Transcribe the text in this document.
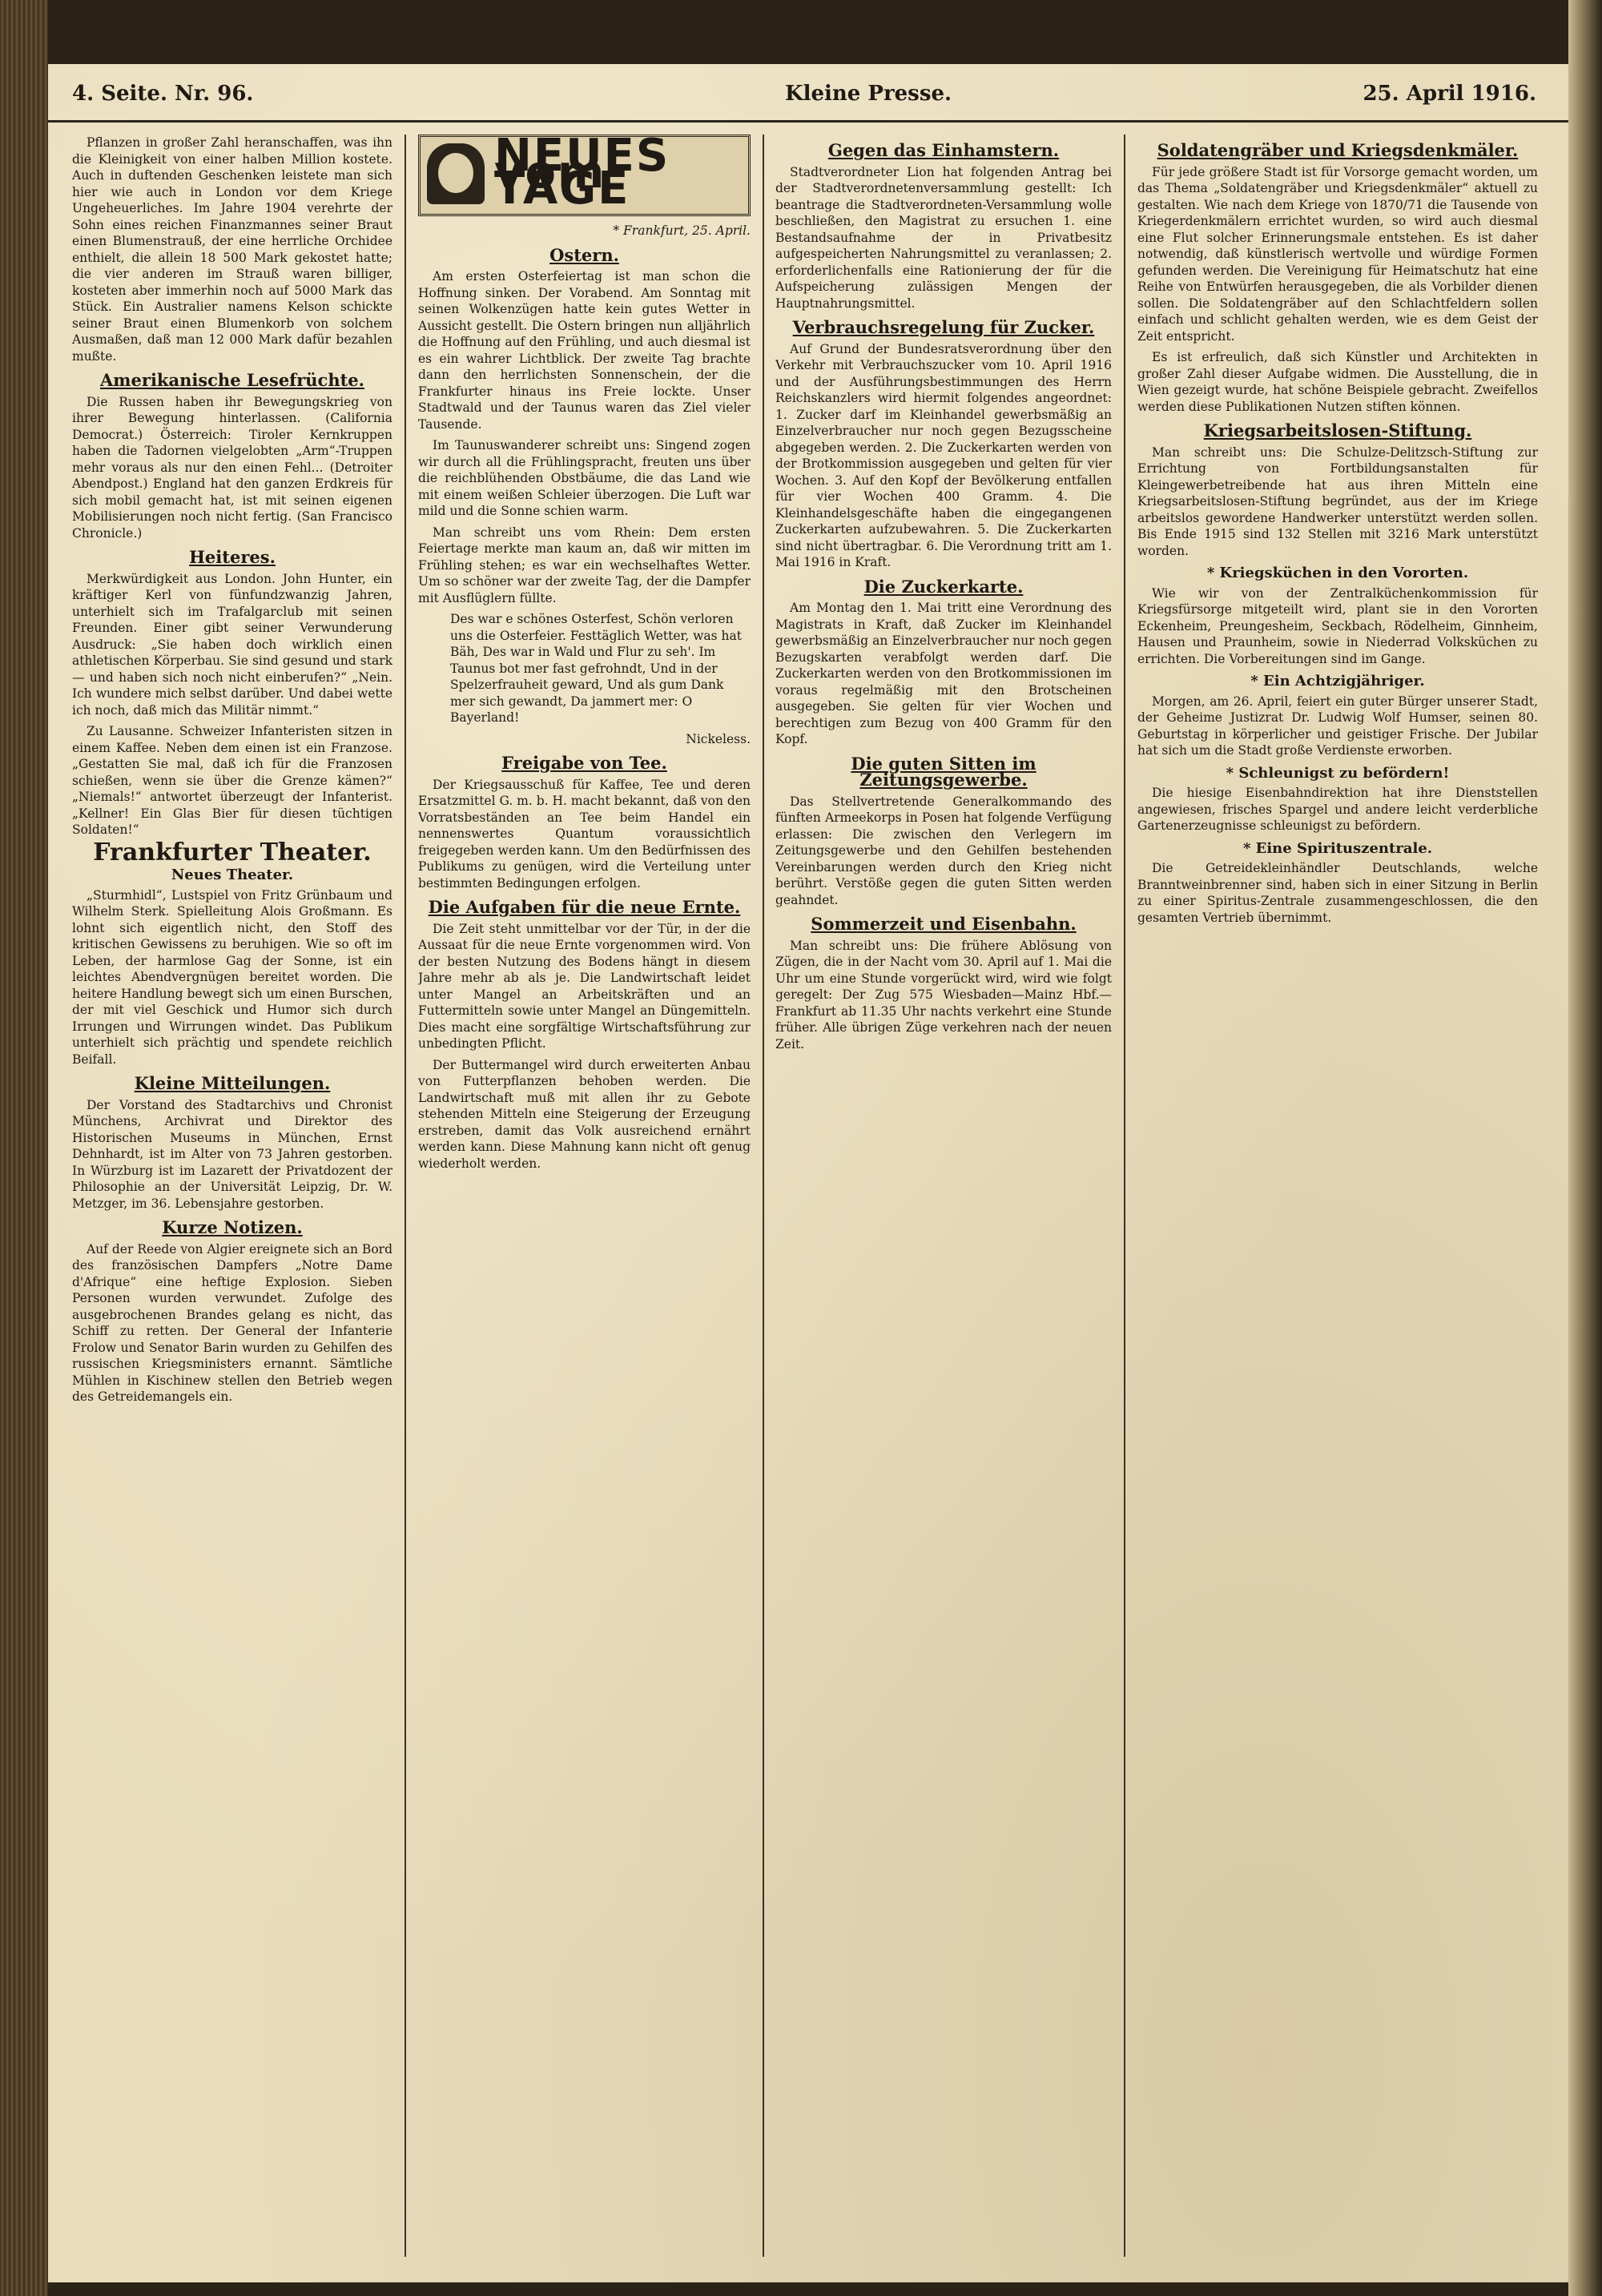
4. Seite. Nr. 96.	Kleine Presse.	25. April 1916.

Pflanzen in großer Zahl heranschaffen, was ihn die Kleinigkeit von einer halben Million kostete. Auch in duftenden Geschenken leistete man sich hier wie auch in London vor dem Kriege Ungeheuerliches. Im Jahre 1904 verehrte der Sohn eines reichen Finanzmannes seiner Braut einen Blumenstrauß, der eine herrliche Orchidee enthielt, die allein 18 500 Mark gekostet hatte; die vier anderen im Strauß waren billiger, kosteten aber immerhin noch auf 5000 Mark das Stück. Ein Australier namens Kelson schickte seiner Braut einen Blumenkorb von solchem Ausmaßen, daß man 12 000 Mark dafür bezahlen mußte.

Amerikanische Lesefrüchte.

Die Russen haben ihr Bewegungskrieg von ihrer Bewegung hinterlassen. (California Democrat.) Österreich: Tiroler Kernkruppen haben die Tadornen vielgelobten „Arm“-Truppen mehr voraus als nur den einen Fehl... (Detroiter Abendpost.) England hat den ganzen Erdkreis für sich mobil gemacht hat, ist mit seinen eigenen Mobilisierungen noch nicht fertig. (San Francisco Chronicle.)

Heiteres.

Merkwürdigkeit aus London. John Hunter, ein kräftiger Kerl von fünfundzwanzig Jahren, unterhielt sich im Trafalgarclub mit seinen Freunden. Einer gibt seiner Verwunderung Ausdruck: „Sie haben doch wirklich einen athletischen Körperbau. Sie sind gesund und stark — und haben sich noch nicht einberufen?“ „Nein. Ich wundere mich selbst darüber. Und dabei wette ich noch, daß mich das Militär nimmt.“

Zu Lausanne. Schweizer Infanteristen sitzen in einem Kaffee. Neben dem einen ist ein Franzose. „Gestatten Sie mal, daß ich für die Franzosen schießen, wenn sie über die Grenze kämen?“ „Niemals!“ antwortet überzeugt der Infanterist. „Kellner! Ein Glas Bier für diesen tüchtigen Soldaten!“

Frankfurter Theater.
Neues Theater.

„Sturmhidl“, Lustspiel von Fritz Grünbaum und Wilhelm Sterk. Spielleitung Alois Großmann. Es lohnt sich eigentlich nicht, den Stoff des kritischen Gewissens zu beruhigen. Wie so oft im Leben, der harmlose Gag der Sonne, ist ein leichtes Abendvergnügen bereitet worden. Die heitere Handlung bewegt sich um einen Burschen, der mit viel Geschick und Humor sich durch Irrungen und Wirrungen windet. Das Publikum unterhielt sich prächtig und spendete reichlich Beifall.

Kleine Mitteilungen.

Der Vorstand des Stadtarchivs und Chronist Münchens, Archivrat und Direktor des Historischen Museums in München, Ernst Dehnhardt, ist im Alter von 73 Jahren gestorben. In Würzburg ist im Lazarett der Privatdozent der Philosophie an der Universität Leipzig, Dr. W. Metzger, im 36. Lebensjahre gestorben.

Kurze Notizen.

Auf der Reede von Algier ereignete sich an Bord des französischen Dampfers „Notre Dame d'Afrique“ eine heftige Explosion. Sieben Personen wurden verwundet. Zufolge des ausgebrochenen Brandes gelang es nicht, das Schiff zu retten. Der General der Infanterie Frolow und Senator Barin wurden zu Gehilfen des russischen Kriegsministers ernannt. Sämtliche Mühlen in Kischinew stellen den Betrieb wegen des Getreidemangels ein.

NEUES vom TAGE
* Frankfurt, 25. April.
Ostern.

Am ersten Osterfeiertag ist man schon die Hoffnung sinken. Der Vorabend. Am Sonntag mit seinen Wolkenzügen hatte kein gutes Wetter in Aussicht gestellt. Die Ostern bringen nun alljährlich die Hoffnung auf den Frühling, und auch diesmal ist es ein wahrer Lichtblick. Der zweite Tag brachte dann den herrlichsten Sonnenschein, der die Frankfurter hinaus ins Freie lockte. Unser Stadtwald und der Taunus waren das Ziel vieler Tausende.

Im Taunuswanderer schreibt uns: Singend zogen wir durch all die Frühlingspracht, freuten uns über die reichblühenden Obstbäume, die das Land wie mit einem weißen Schleier überzogen. Die Luft war mild und die Sonne schien warm.

Man schreibt uns vom Rhein: Dem ersten Feiertage merkte man kaum an, daß wir mitten im Frühling stehen; es war ein wechselhaftes Wetter. Um so schöner war der zweite Tag, der die Dampfer mit Ausflüglern füllte.

Des war e schönes Osterfest, Schön verloren uns die Osterfeier. Festtäglich Wetter, was hat Bäh, Des war in Wald und Flur zu seh'. Im Taunus bot mer fast gefrohndt, Und in der Spelzerfrauheit geward, Und als gum Dank mer sich gewandt, Da jammert mer: O Bayerland!

Nickeless.

Freigabe von Tee.

Der Kriegsausschuß für Kaffee, Tee und deren Ersatzmittel G. m. b. H. macht bekannt, daß von den Vorratsbeständen an Tee beim Handel ein nennenswertes Quantum voraussichtlich freigegeben werden kann. Um den Bedürfnissen des Publikums zu genügen, wird die Verteilung unter bestimmten Bedingungen erfolgen.

Die Aufgaben für die neue Ernte.

Die Zeit steht unmittelbar vor der Tür, in der die Aussaat für die neue Ernte vorgenommen wird. Von der besten Nutzung des Bodens hängt in diesem Jahre mehr ab als je. Die Landwirtschaft leidet unter Mangel an Arbeitskräften und an Futtermitteln sowie unter Mangel an Düngemitteln. Dies macht eine sorgfältige Wirtschaftsführung zur unbedingten Pflicht.

Der Buttermangel wird durch erweiterten Anbau von Futterpflanzen behoben werden. Die Landwirtschaft muß mit allen ihr zu Gebote stehenden Mitteln eine Steigerung der Erzeugung erstreben, damit das Volk ausreichend ernährt werden kann. Diese Mahnung kann nicht oft genug wiederholt werden.

Gegen das Einhamstern.

Stadtverordneter Lion hat folgenden Antrag bei der Stadtverordnetenversammlung gestellt: Ich beantrage die Stadtverordneten-Versammlung wolle beschließen, den Magistrat zu ersuchen 1. eine Bestandsaufnahme der in Privatbesitz aufgespeicherten Nahrungsmittel zu veranlassen; 2. erforderlichenfalls eine Rationierung der für die Aufspeicherung zulässigen Mengen der Hauptnahrungsmittel.

Verbrauchsregelung für Zucker.

Auf Grund der Bundesratsverordnung über den Verkehr mit Verbrauchszucker vom 10. April 1916 und der Ausführungsbestimmungen des Herrn Reichskanzlers wird hiermit folgendes angeordnet: 1. Zucker darf im Kleinhandel gewerbsmäßig an Einzelverbraucher nur noch gegen Bezugsscheine abgegeben werden. 2. Die Zuckerkarten werden von der Brotkommission ausgegeben und gelten für vier Wochen. 3. Auf den Kopf der Bevölkerung entfallen für vier Wochen 400 Gramm. 4. Die Kleinhandelsgeschäfte haben die eingegangenen Zuckerkarten aufzubewahren. 5. Die Zuckerkarten sind nicht übertragbar. 6. Die Verordnung tritt am 1. Mai 1916 in Kraft.

Die Zuckerkarte.

Am Montag den 1. Mai tritt eine Verordnung des Magistrats in Kraft, daß Zucker im Kleinhandel gewerbsmäßig an Einzelverbraucher nur noch gegen Bezugskarten verabfolgt werden darf. Die Zuckerkarten werden von den Brotkommissionen im voraus regelmäßig mit den Brotscheinen ausgegeben. Sie gelten für vier Wochen und berechtigen zum Bezug von 400 Gramm für den Kopf.

Die guten Sitten im Zeitungsgewerbe.

Das Stellvertretende Generalkommando des fünften Armeekorps in Posen hat folgende Verfügung erlassen: Die zwischen den Verlegern im Zeitungsgewerbe und den Gehilfen bestehenden Vereinbarungen werden durch den Krieg nicht berührt. Verstöße gegen die guten Sitten werden geahndet.

Sommerzeit und Eisenbahn.

Man schreibt uns: Die frühere Ablösung von Zügen, die in der Nacht vom 30. April auf 1. Mai die Uhr um eine Stunde vorgerückt wird, wird wie folgt geregelt: Der Zug 575 Wiesbaden—Mainz Hbf.—Frankfurt ab 11.35 Uhr nachts verkehrt eine Stunde früher. Alle übrigen Züge verkehren nach der neuen Zeit.

Soldatengräber und Kriegsdenkmäler.

Für jede größere Stadt ist für Vorsorge gemacht worden, um das Thema „Soldatengräber und Kriegsdenkmäler“ aktuell zu gestalten. Wie nach dem Kriege von 1870/71 die Tausende von Kriegerdenkmälern errichtet wurden, so wird auch diesmal eine Flut solcher Erinnerungsmale entstehen. Es ist daher notwendig, daß künstlerisch wertvolle und würdige Formen gefunden werden. Die Vereinigung für Heimatschutz hat eine Reihe von Entwürfen herausgegeben, die als Vorbilder dienen sollen. Die Soldatengräber auf den Schlachtfeldern sollen einfach und schlicht gehalten werden, wie es dem Geist der Zeit entspricht.

Es ist erfreulich, daß sich Künstler und Architekten in großer Zahl dieser Aufgabe widmen. Die Ausstellung, die in Wien gezeigt wurde, hat schöne Beispiele gebracht. Zweifellos werden diese Publikationen Nutzen stiften können.

Kriegsarbeitslosen-Stiftung.

Man schreibt uns: Die Schulze-Delitzsch-Stiftung zur Errichtung von Fortbildungsanstalten für Kleingewerbetreibende hat aus ihren Mitteln eine Kriegsarbeitslosen-Stiftung begründet, aus der im Kriege arbeitslos gewordene Handwerker unterstützt werden sollen. Bis Ende 1915 sind 132 Stellen mit 3216 Mark unterstützt worden.

* Kriegsküchen in den Vororten.

Wie wir von der Zentralküchenkommission für Kriegsfürsorge mitgeteilt wird, plant sie in den Vororten Eckenheim, Preungesheim, Seckbach, Rödelheim, Ginnheim, Hausen und Praunheim, sowie in Niederrad Volksküchen zu errichten. Die Vorbereitungen sind im Gange.

* Ein Achtzigjähriger.

Morgen, am 26. April, feiert ein guter Bürger unserer Stadt, der Geheime Justizrat Dr. Ludwig Wolf Humser, seinen 80. Geburtstag in körperlicher und geistiger Frische. Der Jubilar hat sich um die Stadt große Verdienste erworben.

* Schleunigst zu befördern!

Die hiesige Eisenbahndirektion hat ihre Dienststellen angewiesen, frisches Spargel und andere leicht verderbliche Gartenerzeugnisse schleunigst zu befördern.

* Eine Spirituszentrale.

Die Getreidekleinhändler Deutschlands, welche Branntweinbrenner sind, haben sich in einer Sitzung in Berlin zu einer Spiritus-Zentrale zusammengeschlossen, die den gesamten Vertrieb übernimmt.
